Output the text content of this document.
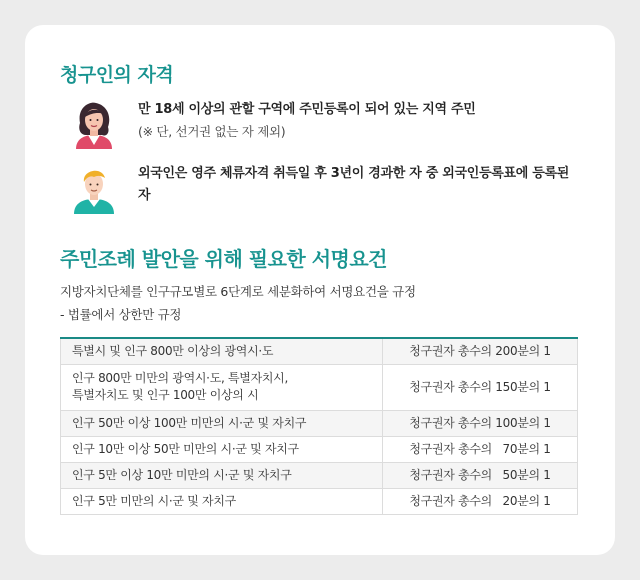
청구인의 자격
만 18세 이상의 관할 구역에 주민등록이 되어 있는 지역 주민
(※ 단, 선거권 없는 자 제외)
외국인은 영주 체류자격 취득일 후 3년이 경과한 자 중 외국인등록표에 등록된 자
주민조례 발안을 위해 필요한 서명요건
지방자치단체를 인구규모별로 6단계로 세분화하여 서명요건을 규정
- 법률에서 상한만 규정
특별시 및 인구 800만 이상의 광역시·도	청구권자 총수의 200분의 1
인구 800만 미만의 광역시·도, 특별자치시,
특별자치도 및 인구 100만 이상의 시	청구권자 총수의 150분의 1
인구 50만 이상 100만 미만의 시·군 및 자치구	청구권자 총수의 100분의 1
인구 10만 이상 50만 미만의 시·군 및 자치구	청구권자 총수의   70분의 1
인구 5만 이상 10만 미만의 시·군 및 자치구	청구권자 총수의   50분의 1
인구 5만 미만의 시·군 및 자치구	청구권자 총수의   20분의 1
